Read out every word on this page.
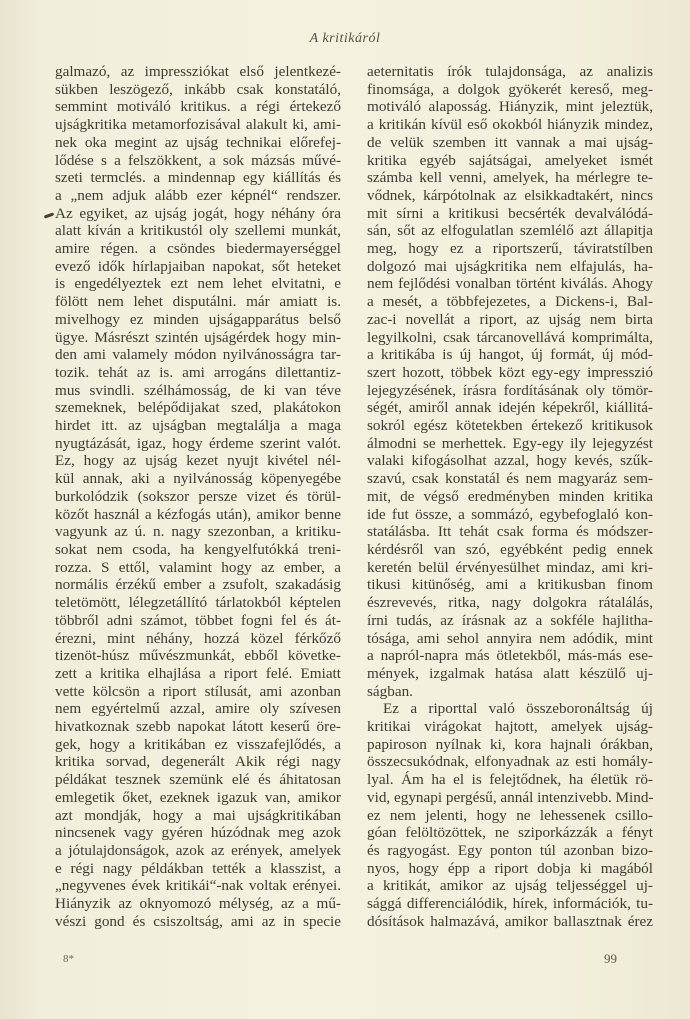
A kritikáról
galmazó, az impressziókat első jelentkezé-
sükben leszögező, inkább csak konstatáló,
semmint motiváló kritikus. a régi értekező
ujságkritika metamorfozisával alakult ki, ami-
nek oka megint az ujság technikai előrefej-
lődése s a felszökkent, a sok mázsás művé-
szeti termclés. a mindennap egy kiállítás és
a „nem adjuk alább ezer képnél“ rendszer.
Az egyiket, az ujság jogát, hogy néhány óra
alatt kíván a kritikustól oly szellemi munkát,
amire régen. a csöndes biedermayerséggel
evező idők hírlapjaiban napokat, sőt heteket
is engedélyeztek ezt nem lehet elvitatni, e
fölött nem lehet disputálni. már amiatt is.
mivelhogy ez minden ujságapparátus belső
ügye. Másrészt szintén ujságérdek hogy min-
den ami valamely módon nyilvánosságra tar-
tozik. tehát az is. ami arrogáns dilettantiz-
mus svindli. szélhámosság, de ki van téve
szemeknek, belépődijakat szed, plakátokon
hirdet itt. az ujságban megtalálja a maga
nyugtázását, igaz, hogy érdeme szerint valót.
Ez, hogy az ujság kezet nyujt kivétel nél-
kül annak, aki a nyilvánosság köpenyegébe
burkolódzik (sokszor persze vizet és törül-
közőt használ a kézfogás után), amikor benne
vagyunk az ú. n. nagy szezonban, a kritiku-
sokat nem csoda, ha kengyelfutókká treni-
rozza. S ettől, valamint hogy az ember, a
normális érzékű ember a zsufolt, szakadásig
teletömött, lélegzetállító tárlatokból képtelen
többről adni számot, többet fogni fel és át-
érezni, mint néhány, hozzá közel férkőző
tizenöt-húsz művészmunkát, ebből követke-
zett a kritika elhajlása a riport felé. Emiatt
vette kölcsön a riport stílusát, ami azonban
nem egyértelmű azzal, amire oly szívesen
hivatkoznak szebb napokat látott keserű öre-
gek, hogy a kritikában ez visszafejlődés, a
kritika sorvad, degenerált Akik régi nagy
példákat tesznek szemünk elé és áhitatosan
emlegetik őket, ezeknek igazuk van, amikor
azt mondják, hogy a mai ujságkritikában
nincsenek vagy gyéren húzódnak meg azok
a jótulajdonságok, azok az erények, amelyek
e régi nagy példákban tették a klasszist, a
„negyvenes évek kritikái“-nak voltak erényei.
Hiányzik az oknyomozó mélység, az a mű-
vészi gond és csiszoltság, ami az in specie
aeternitatis írók tulajdonsága, az analizis
finomsága, a dolgok gyökerét kereső, meg-
motiváló alaposság. Hiányzik, mint jeleztük,
a kritikán kívül eső okokból hiányzik mindez,
de velük szemben itt vannak a mai ujság-
kritika egyéb sajátságai, amelyeket ismét
számba kell venni, amelyek, ha mérlegre te-
vődnek, kárpótolnak az elsikkadtakért, nincs
mit sírni a kritikusi becsérték devalválódá-
sán, sőt az elfogulatlan szemlélő azt állapitja
meg, hogy ez a riportszerű, táviratstílben
dolgozó mai ujságkritika nem elfajulás, ha-
nem fejlődési vonalban történt kiválás. Ahogy
a mesét, a többfejezetes, a Dickens-i, Bal-
zac-i novellát a riport, az ujság nem birta
legyilkolni, csak tárcanovellává komprimálta,
a kritikába is új hangot, új formát, új mód-
szert hozott, többek közt egy-egy impresszió
lejegyzésének, írásra fordításának oly tömör-
ségét, amiről annak idején képekről, kiállitá-
sokról egész kötetekben értekező kritikusok
álmodni se merhettek. Egy-egy ily lejegyzést
valaki kifogásolhat azzal, hogy kevés, szűk-
szavú, csak konstatál és nem magyaráz sem-
mit, de végső eredményben minden kritika
ide fut össze, a sommázó, egybefoglaló kon-
statálásba. Itt tehát csak forma és módszer-
kérdésről van szó, egyébként pedig ennek
keretén belül érvényesülhet mindaz, ami kri-
tikusi kitünőség, ami a kritikusban finom
észrevevés, ritka, nagy dolgokra rátalálás,
írni tudás, az írásnak az a sokféle hajlitha-
tósága, ami sehol annyira nem adódik, mint
a napról-napra más ötletekből, más-más ese-
mények, izgalmak hatása alatt készülő uj-
ságban.
Ez a riporttal való összeboronáltság új
kritikai virágokat hajtott, amelyek ujság-
papiroson nyílnak ki, kora hajnali órákban,
összecsukódnak, elfonyadnak az esti homály-
lyal. Ám ha el is felejtődnek, ha életük rö-
vid, egynapi pergésű, annál intenzivebb. Mind-
ez nem jelenti, hogy ne lehessenek csillo-
góan felöltözöttek, ne sziporkázzák a fényt
és ragyogást. Egy ponton túl azonban bizo-
nyos, hogy épp a riport dobja ki magából
a kritikát, amikor az ujság teljességgel uj-
sággá differenciálódik, hírek, információk, tu-
dósítások halmazává, amikor ballasztnak érez
8*	99
